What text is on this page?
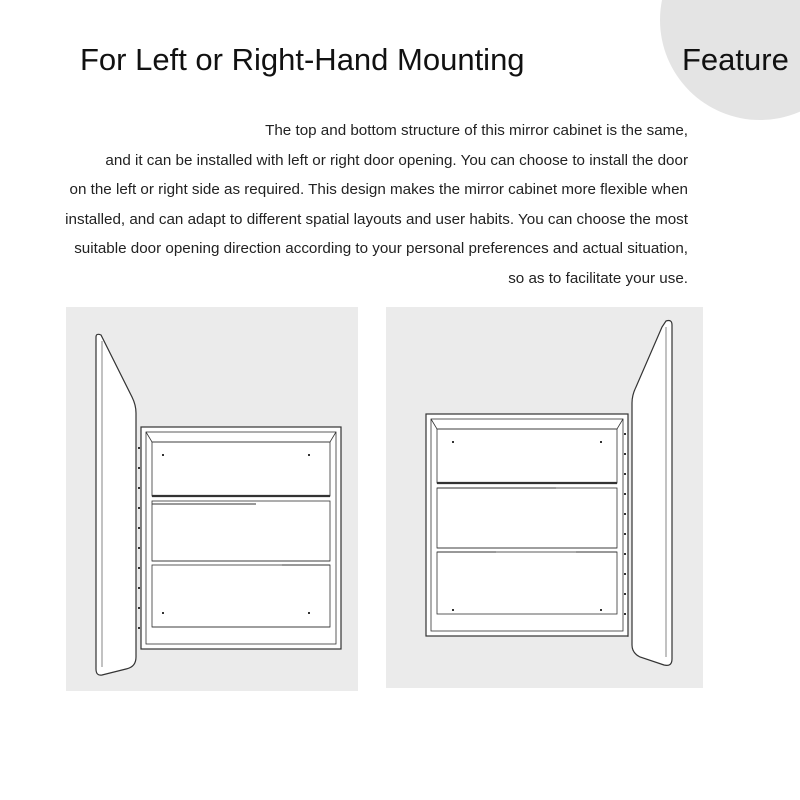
Feature
For Left or Right-Hand Mounting
The top and bottom structure of this mirror cabinet is the same,
and it can be installed with left or right door opening. You can choose to install the door
on the left or right side as required. This design makes the mirror cabinet more flexible when
installed, and can adapt to different spatial layouts and user habits. You can choose the most
suitable door opening direction according to your personal preferences and actual situation,
so as to facilitate your use.
